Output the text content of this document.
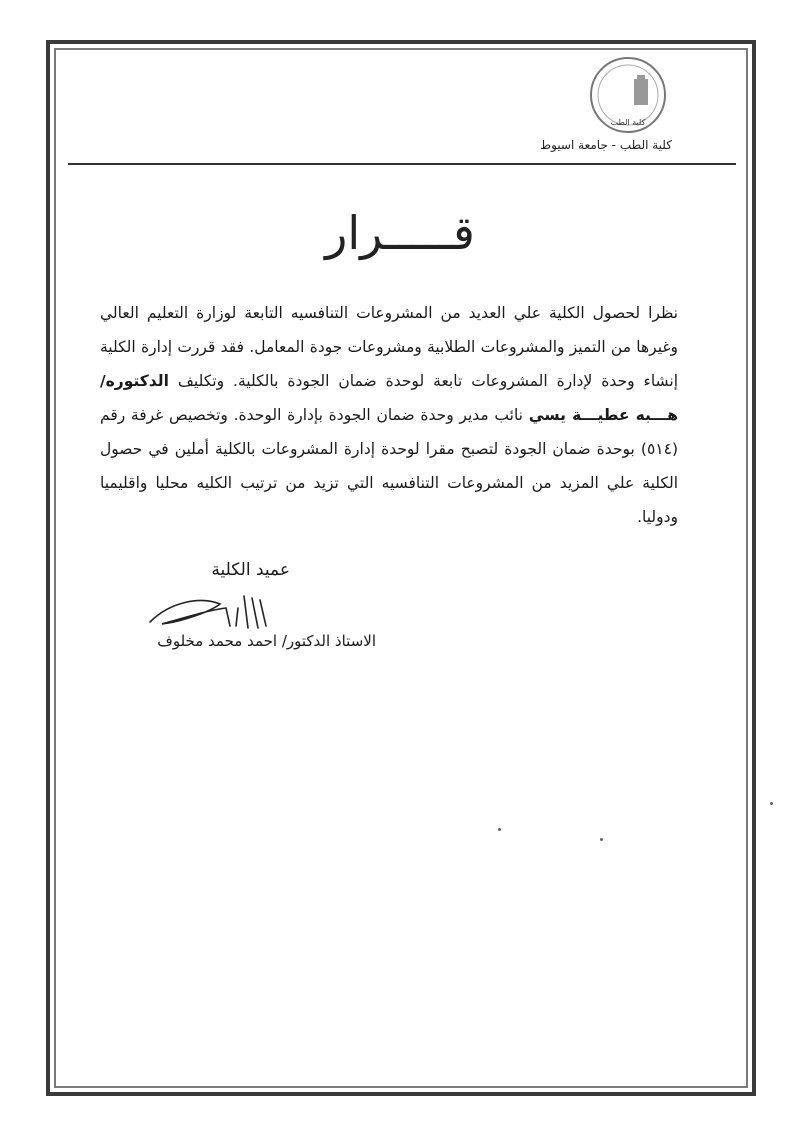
كلية الطب
كلية الطب - جامعة اسيوط
قـــــرار
نظرا لحصول الكلية علي العديد من المشروعات التنافسيه التابعة لوزارة التعليم العالي وغيرها من التميز والمشروعات الطلابية ومشروعات جودة المعامل. فقد قررت إدارة الكلية إنشاء وحدة لإدارة المشروعات تابعة لوحدة ضمان الجودة بالكلية. وتكليف الدكتوره/ هـــبه عطيـــة يسي نائب مدير وحدة ضمان الجودة بإدارة الوحدة. وتخصيص غرفة رقم (٥١٤) بوحدة ضمان الجودة لتصبح مقرا لوحدة إدارة المشروعات بالكلية أملين في حصول الكلية علي المزيد من المشروعات التنافسيه التي تزيد من ترتيب الكليه محليا واقليميا ودوليا.
عميد الكلية
الاستاذ الدكتور/ احمد محمد مخلوف
